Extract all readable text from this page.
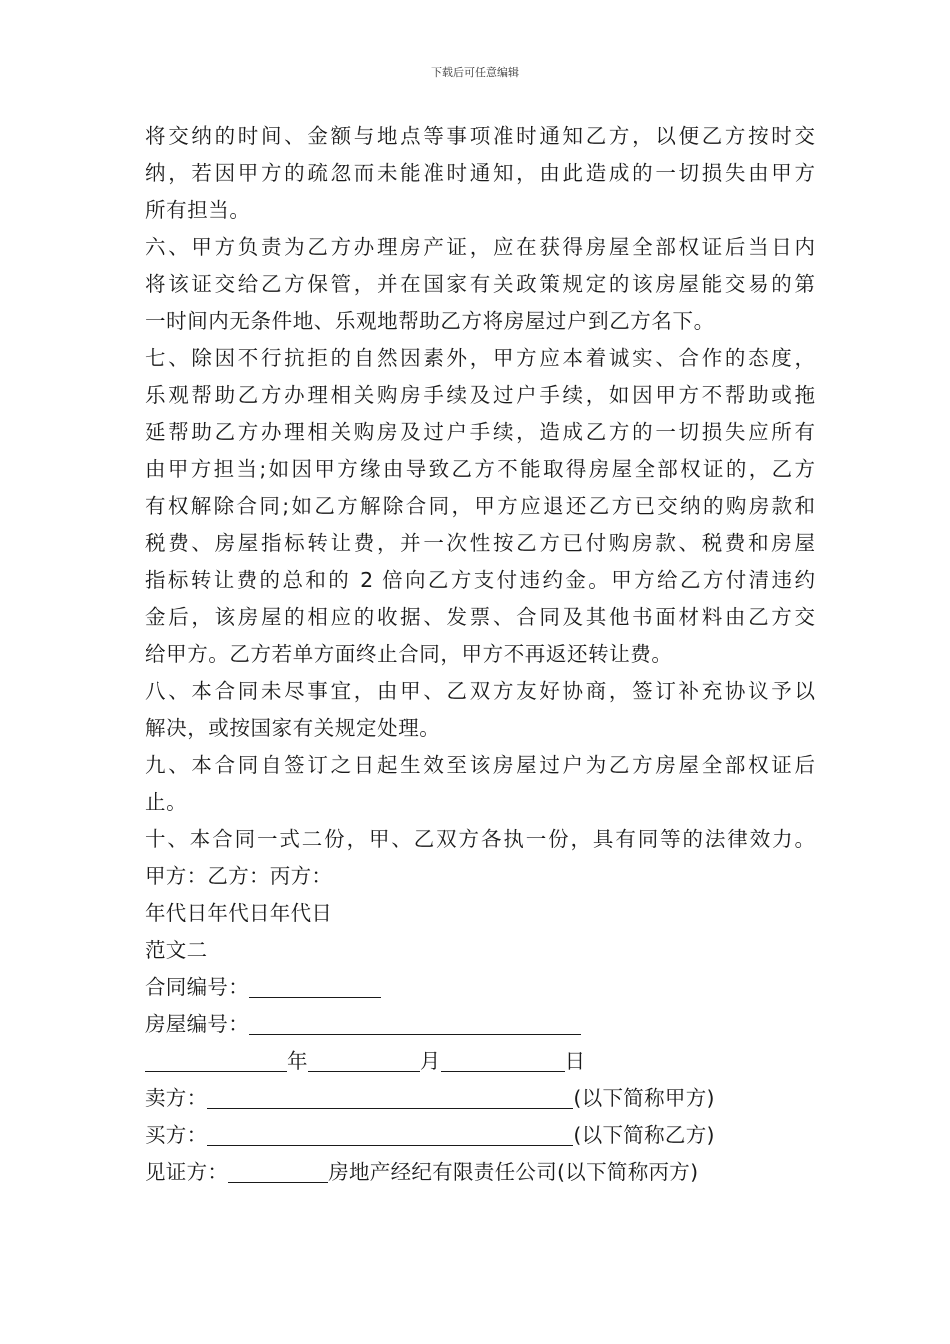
下载后可任意编辑
将交纳的时间、金额与地点等事项准时通知乙方，以便乙方按时交
纳，若因甲方的疏忽而未能准时通知，由此造成的一切损失由甲方
所有担当。
六、甲方负责为乙方办理房产证，应在获得房屋全部权证后当日内
将该证交给乙方保管，并在国家有关政策规定的该房屋能交易的第
一时间内无条件地、乐观地帮助乙方将房屋过户到乙方名下。
七、除因不行抗拒的自然因素外，甲方应本着诚实、合作的态度，
乐观帮助乙方办理相关购房手续及过户手续，如因甲方不帮助或拖
延帮助乙方办理相关购房及过户手续，造成乙方的一切损失应所有
由甲方担当;如因甲方缘由导致乙方不能取得房屋全部权证的，乙方
有权解除合同;如乙方解除合同，甲方应退还乙方已交纳的购房款和
税费、房屋指标转让费，并一次性按乙方已付购房款、税费和房屋
指标转让费的总和的 2 倍向乙方支付违约金。甲方给乙方付清违约
金后，该房屋的相应的收据、发票、合同及其他书面材料由乙方交
给甲方。乙方若单方面终止合同，甲方不再返还转让费。
八、本合同未尽事宜，由甲、乙双方友好协商，签订补充协议予以
解决，或按国家有关规定处理。
九、本合同自签订之日起生效至该房屋过户为乙方房屋全部权证后
止。
十、本合同一式二份，甲、乙双方各执一份，具有同等的法律效力。
甲方：乙方：丙方：
年代日年代日年代日
范文二
合同编号：
房屋编号：
年	月	日
卖方：	(以下简称甲方)
买方：	(以下简称乙方)
见证方：	房地产经纪有限责任公司(以下简称丙方)
